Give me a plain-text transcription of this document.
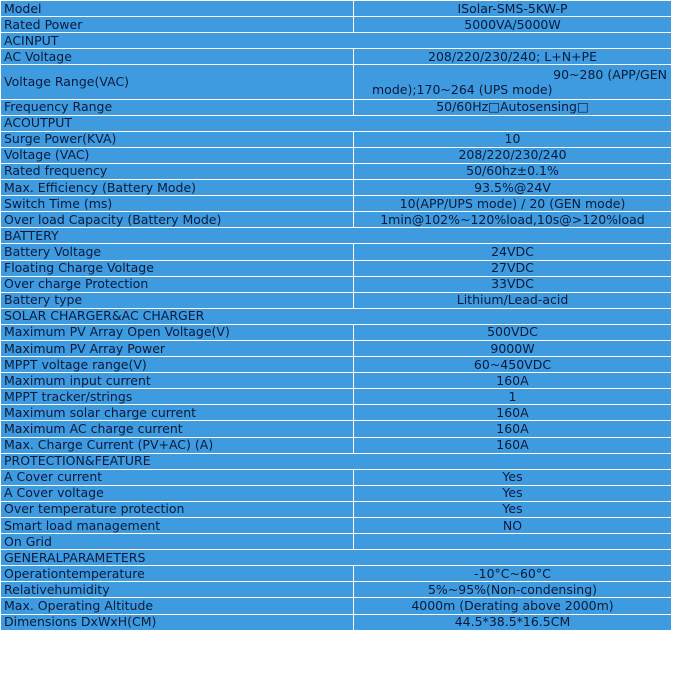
Model	ISolar-SMS-5KW-P
Rated Power	5000VA/5000W
ACINPUT	
AC Voltage	208/220/230/240; L+N+PE
Voltage Range(VAC)	90~280 (APP/GEN
mode);170~264 (UPS mode)

Frequency Range	50/60Hz□Autosensing□
ACOUTPUT	
Surge Power(KVA)	10
Voltage (VAC)	208/220/230/240
Rated frequency	50/60hz±0.1%
Max. Efficiency (Battery Mode)	93.5%@24V
Switch Time (ms)	10(APP/UPS mode) / 20 (GEN mode)
Over load Capacity (Battery Mode)	1min@102%~120%load,10s@>120%load
BATTERY	
Battery Voltage	24VDC
Floating Charge Voltage	27VDC
Over charge Protection	33VDC
Battery type	Lithium/Lead-acid
SOLAR CHARGER&AC CHARGER	
Maximum PV Array Open Voltage(V)	500VDC
Maximum PV Array Power	9000W
MPPT voltage range(V)	60~450VDC
Maximum input current	160A
MPPT tracker/strings	1
Maximum solar charge current	160A
Maximum AC charge current	160A
Max. Charge Current (PV+AC) (A)	160A
PROTECTION&FEATURE	
A Cover current	Yes
A Cover voltage	Yes
Over temperature protection	Yes
Smart load management	NO
On Grid	
GENERALPARAMETERS	
Operationtemperature	-10°C~60°C
Relativehumidity	5%~95%(Non-condensing)
Max. Operating Altitude	4000m (Derating above 2000m)
Dimensions DxWxH(CM)	44.5*38.5*16.5CM
